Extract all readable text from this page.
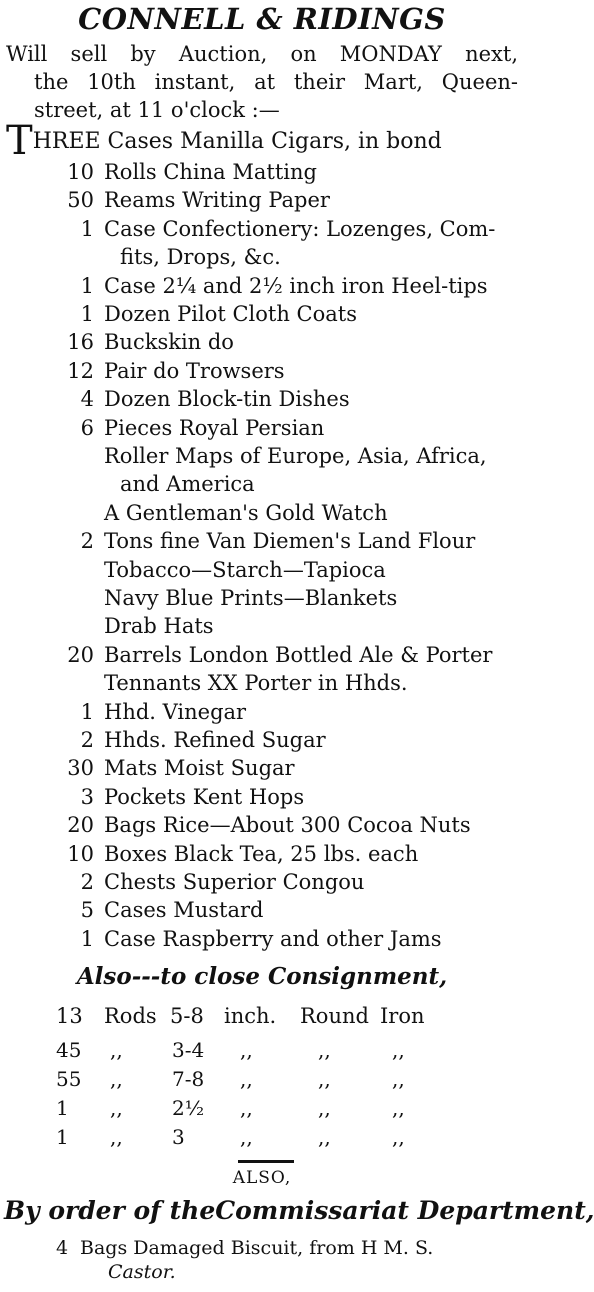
CONNELL & RIDINGS
Will sell by Auction, on MONDAY next,
the 10th instant, at their Mart, Queen-
street, at 11 o'clock :—
THREE Cases Manilla Cigars, in bond
10 Rolls China Matting
50 Reams Writing Paper
1 Case Confectionery: Lozenges, Com-
fits, Drops, &c.
1 Case 2¼ and 2½ inch iron Heel-tips
1 Dozen Pilot Cloth Coats
16 Buckskin do
12 Pair do Trowsers
4 Dozen Block-tin Dishes
6 Pieces Royal Persian
Roller Maps of Europe, Asia, Africa,
and America
A Gentleman's Gold Watch
2 Tons fine Van Diemen's Land Flour
Tobacco—Starch—Tapioca
Navy Blue Prints—Blankets
Drab Hats
20 Barrels London Bottled Ale & Porter
Tennants XX Porter in Hhds.
1 Hhd. Vinegar
2 Hhds. Refined Sugar
30 Mats Moist Sugar
3 Pockets Kent Hops
20 Bags Rice—About 300 Cocoa Nuts
10 Boxes Black Tea, 25 lbs. each
2 Chests Superior Congou
5 Cases Mustard
1 Case Raspberry and other Jams
Also---to close Consignment,
13 Rods 5-8 inch. Round Iron
45 ,, 3-4 ,,	,,	,,
55 ,, 7-8 ,,	,,	,,
1 ,, 2½ ,,	,,	,,
1 ,, 3	,,	,,	,,
ALSO,
By order of theCommissariat Department,
4 Bags Damaged Biscuit, from H M. S.
Castor.
